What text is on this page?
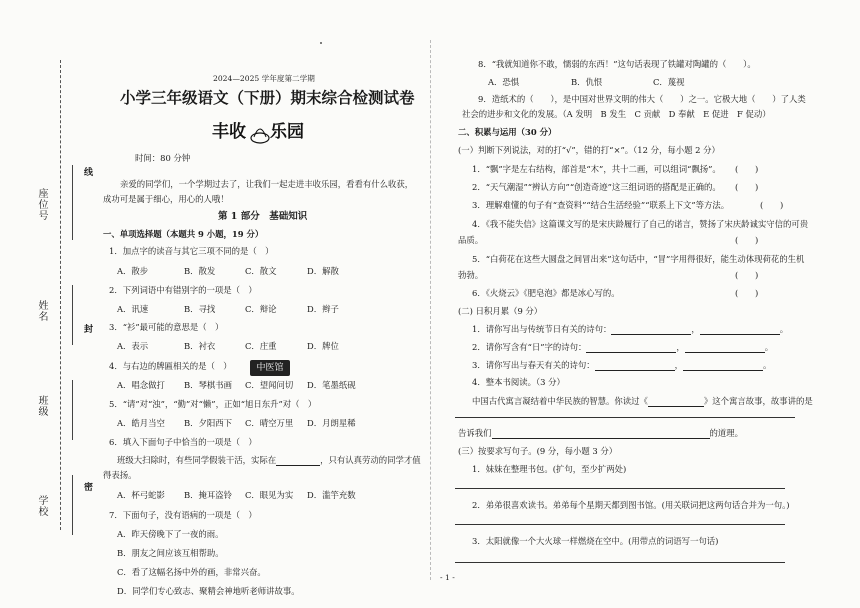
座位号
姓名
班级
学校
线
封
密
2024—2025 学年度第二学期
小学三年级语文（下册）期末综合检测试卷
丰收 乐园
时间：80 分钟
亲爱的同学们，一个学期过去了，让我们一起走进丰收乐园，看看有什么收获，
成功可是属于细心，用心的人哦！
第 1 部分　基础知识
一、单项选择题（本题共 9 小题，19 分）
1．加点字的读音与其它三项不同的是（　）
A．散步	B．散发	C．散文	D．解散
2．下列词语中有错别字的一项是（　）
A．讯速	B．寻找	C．辩论	D．辫子
3．“衫”最可能的意思是（　）
A．表示	B．衬衣	C．庄重	D．牌位
4．与右边的牌匾相关的是（　）	中医馆
A．唱念做打 B．琴棋书画 C．望闻问切 D．笔墨纸砚
5．“请”对“浊”，“勤”对“懒”，正如“旭日东升”对（　）
A．皓月当空 B．夕阳西下 C．晴空万里 D．月朗星稀
6．填入下面句子中恰当的一项是（　）
班级大扫除时，有些同学假装干活，实际在	，只有认真劳动的同学才值
得表扬。
A．杯弓蛇影 B．掩耳盗铃 C．眼见为实 D．滥竽充数
7．下面句子，没有语病的一项是（　）
A．昨天傍晚下了一夜的雨。
B．朋友之间应该互相帮助。
C．看了这幅名扬中外的画，非常兴奋。
D．同学们专心致志、聚精会神地听老师讲故事。
8．“我就知道你不敢，懦弱的东西！”这句话表现了铁罐对陶罐的（　　）。
A．恐惧	B．仇恨	C．蔑视
9．造纸术的（　　），是中国对世界文明的伟大（　　）之一。它极大地（　　）了人类
社会的进步和文化的发展。（A 发明　B 发生　C 贡献　D 奉献　E 促进　F 促动）
二、积累与运用（30 分）
(一）判断下列说法，对的打“√”，错的打“×”。（12 分，每小题 2 分）
1．“飘”字是左右结构，部首是“木”，共十二画，可以组词“飘扬”。 (　　)
2．“天气潮湿”“辨认方向”“创造奇迹”这三组词语的搭配是正确的。 (　　)
3．理解难懂的句子有“查资料”“结合生活经验”“联系上下文”等方法。	(　　)
4．《我不能失信》这篇课文写的是宋庆龄履行了自己的诺言，赞扬了宋庆龄诚实守信的可贵
品质。	(　　)
5．“白荷花在这些大圆盘之间冒出来”这句话中，“冒”字用得很好，能生动体现荷花的生机
勃勃。	(　　)
6．《火烧云》《肥皂泡》都是冰心写的。	(　　)
(二) 日积月累（9 分）
1．请你写出与传统节日有关的诗句：	，	。
2．请你写含有“日”字的诗句：	，	。
3．请你写出与春天有关的诗句：	，	。
4．整本书阅读。（3 分）
中国古代寓言凝结着中华民族的智慧。你读过《	》这个寓言故事，故事讲的是
告诉我们	的道理。
(三）按要求写句子。(9 分，每小题 3 分）
1．妹妹在整理书包。(扩句，至少扩两处)
2．弟弟很喜欢读书。弟弟每个星期天都到图书馆。(用关联词把这两句话合并为一句。)
3．太阳就像一个大火球一样燃烧在空中。(用带点的词语写一句话)
- 1 -
